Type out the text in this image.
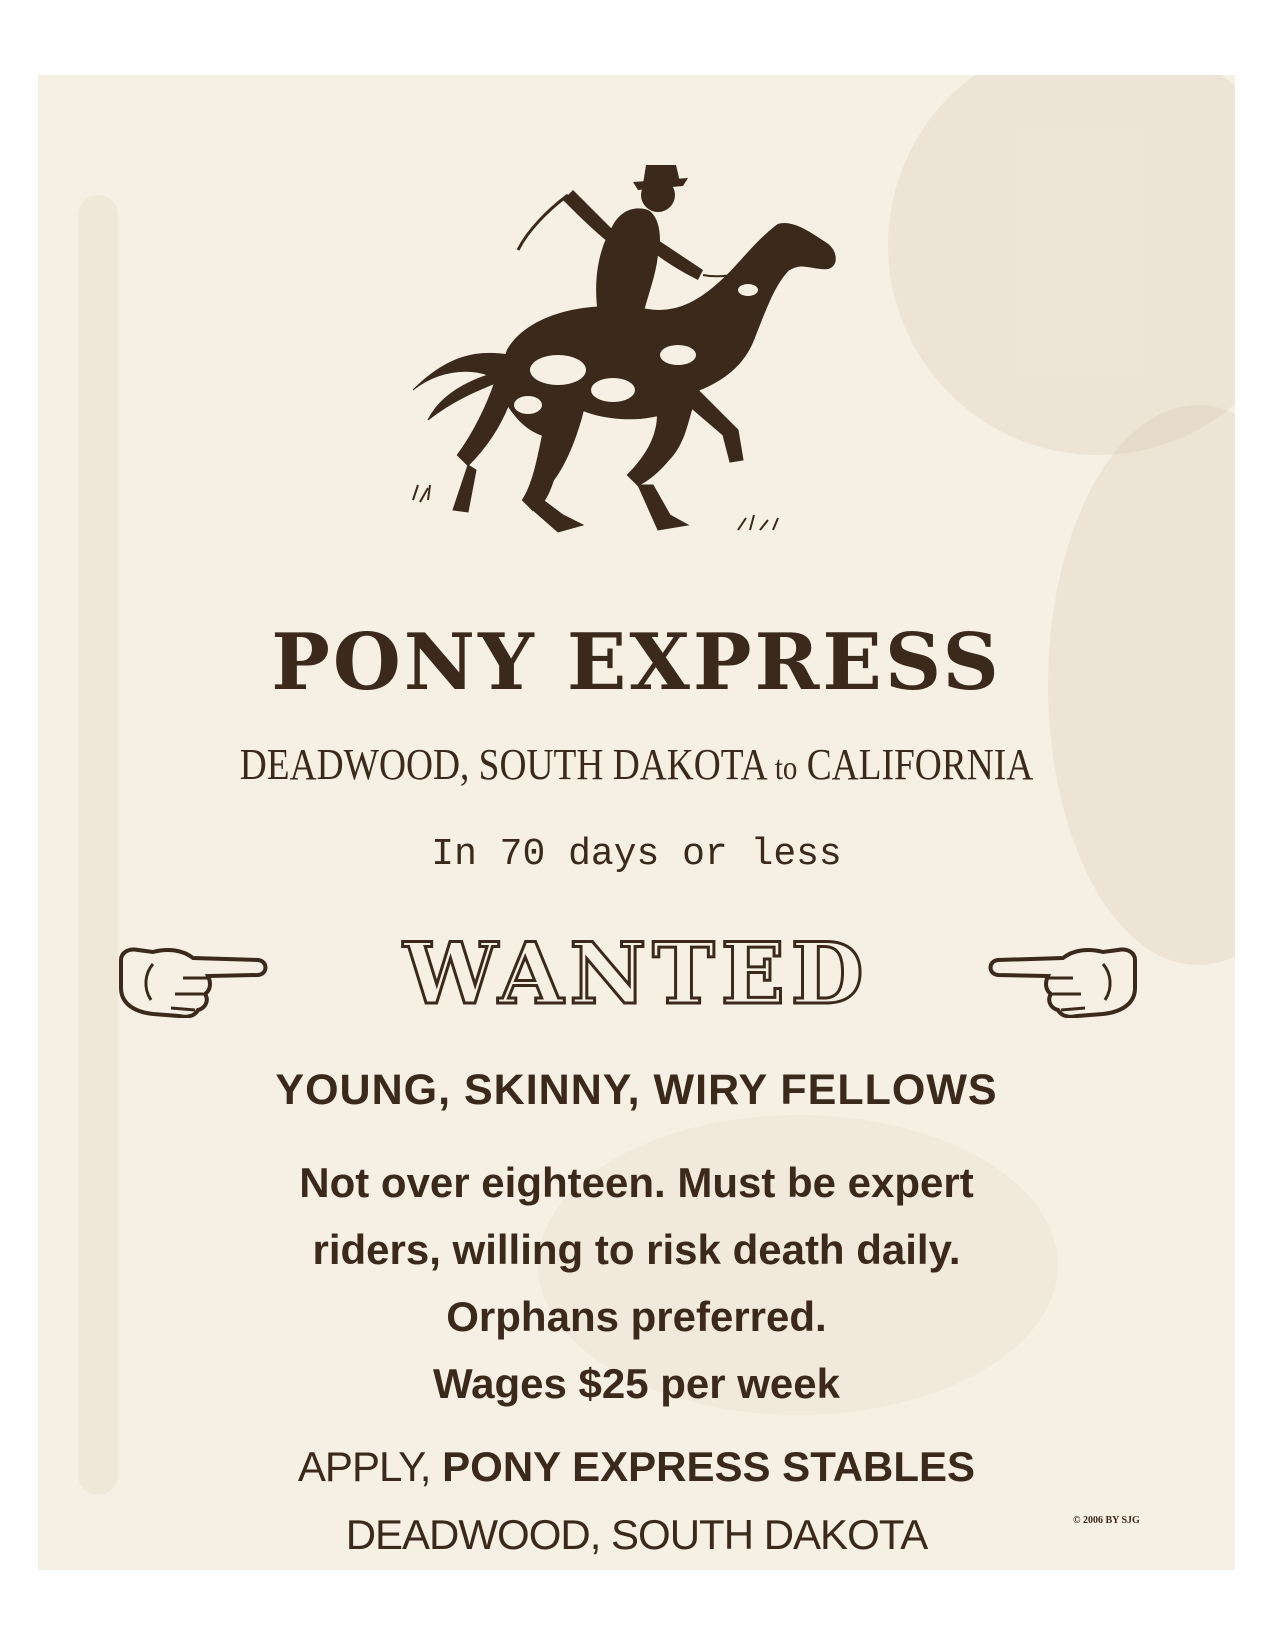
PONY EXPRESS
DEADWOOD, SOUTH DAKOTA to CALIFORNIA
In 70 days or less
WANTED
YOUNG, SKINNY, WIRY FELLOWS
Not over eighteen. Must be expert
riders, willing to risk death daily.
Orphans preferred.
Wages $25 per week
APPLY, PONY EXPRESS STABLES
DEADWOOD, SOUTH DAKOTA	© 2006 BY SJG
